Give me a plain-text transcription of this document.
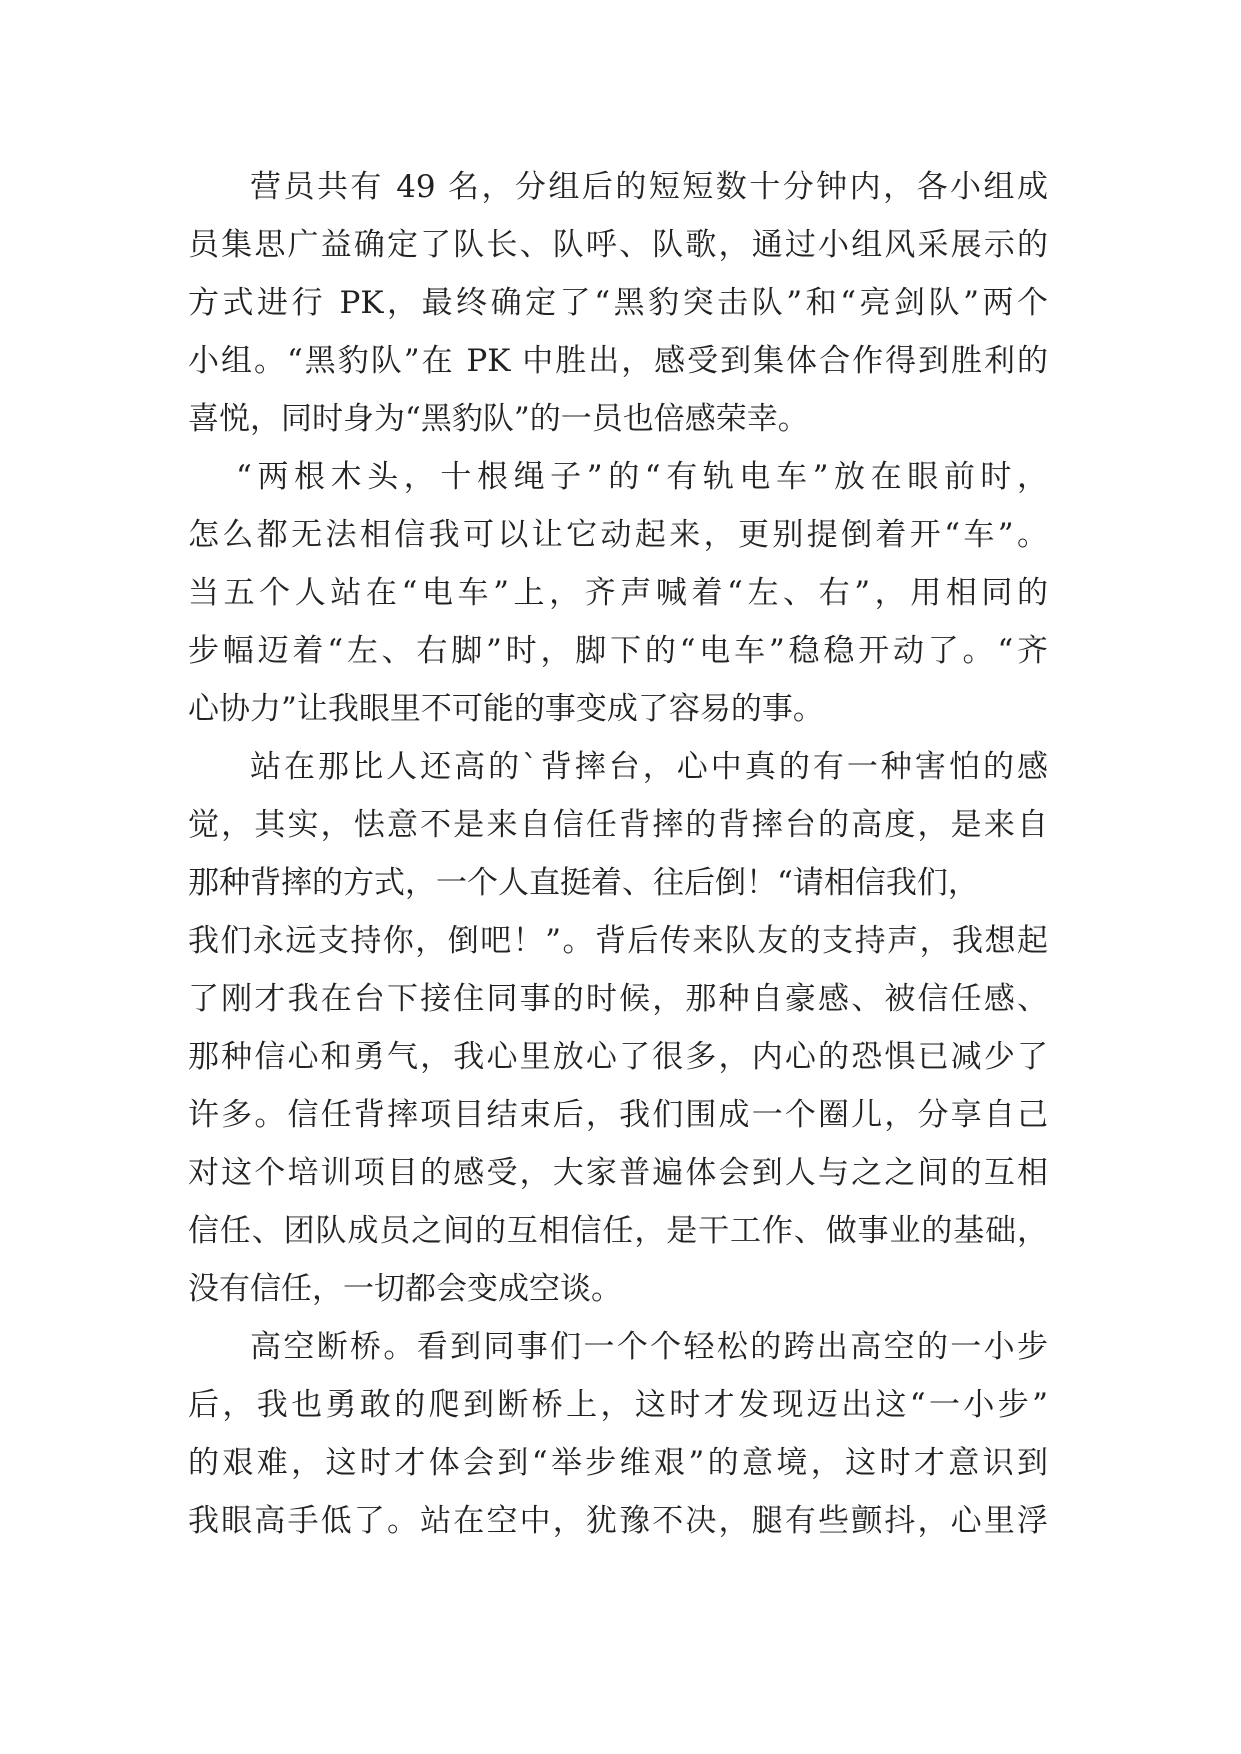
营员共有 49 名，分组后的短短数十分钟内，各小组成
员集思广益确定了队长、队呼、队歌，通过小组风采展示的
方式进行 PK，最终确定了“黑豹突击队”和“亮剑队”两个
小组。“黑豹队”在 PK 中胜出，感受到集体合作得到胜利的
喜悦，同时身为“黑豹队”的一员也倍感荣幸。
“两根木头，十根绳子”的“有轨电车”放在眼前时，
怎么都无法相信我可以让它动起来，更别提倒着开“车”。
当五个人站在“电车”上，齐声喊着“左、右”，用相同的
步幅迈着“左、右脚”时，脚下的“电车”稳稳开动了。“齐
心协力”让我眼里不可能的事变成了容易的事。
站在那比人还高的`背摔台，心中真的有一种害怕的感
觉，其实，怯意不是来自信任背摔的背摔台的高度，是来自
那种背摔的方式，一个人直挺着、往后倒！“请相信我们，
我们永远支持你，倒吧！”。背后传来队友的支持声，我想起
了刚才我在台下接住同事的时候，那种自豪感、被信任感、
那种信心和勇气，我心里放心了很多，内心的恐惧已减少了
许多。信任背摔项目结束后，我们围成一个圈儿，分享自己
对这个培训项目的感受，大家普遍体会到人与之之间的互相
信任、团队成员之间的互相信任，是干工作、做事业的基础，
没有信任，一切都会变成空谈。
高空断桥。看到同事们一个个轻松的跨出高空的一小步
后，我也勇敢的爬到断桥上，这时才发现迈出这“一小步”
的艰难，这时才体会到“举步维艰”的意境，这时才意识到
我眼高手低了。站在空中，犹豫不决，腿有些颤抖，心里浮
